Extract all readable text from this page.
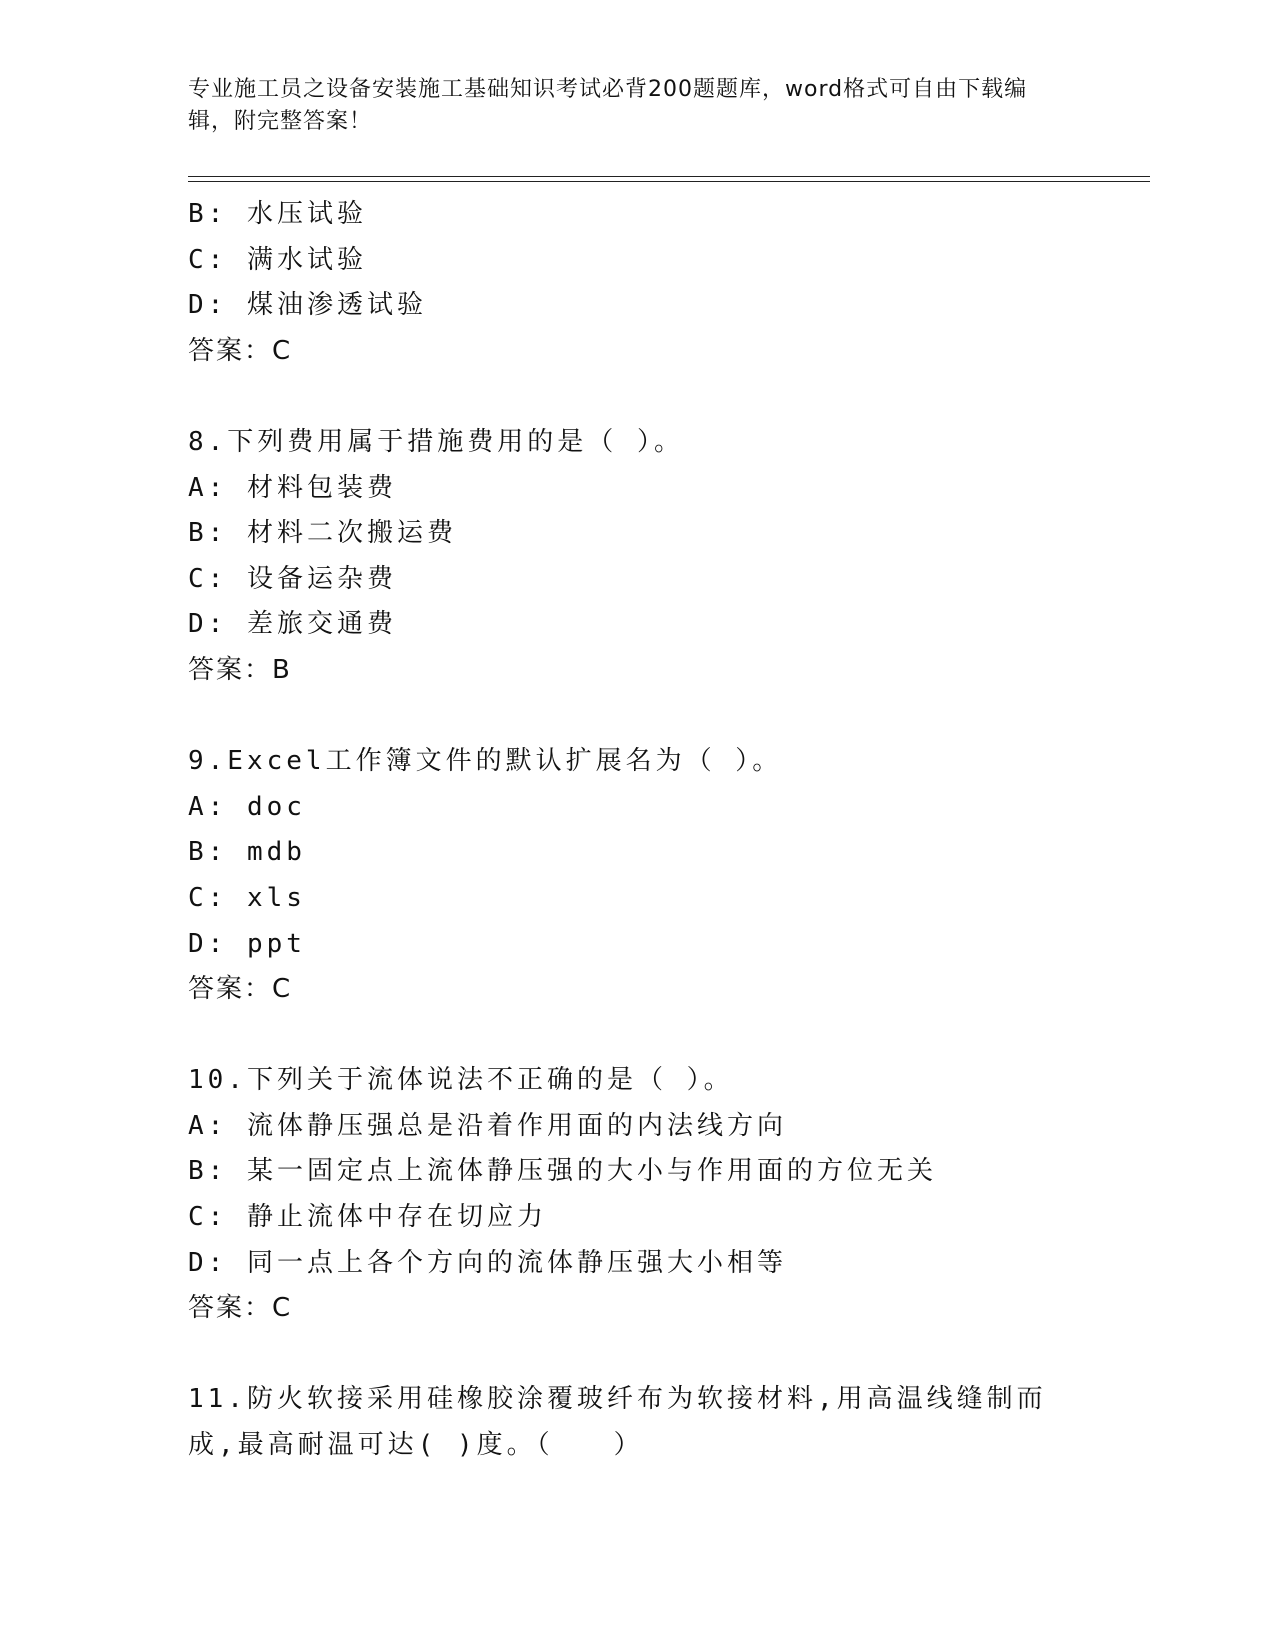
专业施工员之设备安装施工基础知识考试必背200题题库，word格式可自由下载编辑，附完整答案！
B: 水压试验
C: 满水试验
D: 煤油渗透试验
答案：C
8.下列费用属于措施费用的是（ ）。
A: 材料包装费
B: 材料二次搬运费
C: 设备运杂费
D: 差旅交通费
答案：B
9.Excel工作簿文件的默认扩展名为（ ）。
A: doc
B: mdb
C: xls
D: ppt
答案：C
10.下列关于流体说法不正确的是（ ）。
A: 流体静压强总是沿着作用面的内法线方向
B: 某一固定点上流体静压强的大小与作用面的方位无关
C: 静止流体中存在切应力
D: 同一点上各个方向的流体静压强大小相等
答案：C
11.防火软接采用硅橡胶涂覆玻纤布为软接材料,用高温线缝制而成,最高耐温可达( )度。（　　）
